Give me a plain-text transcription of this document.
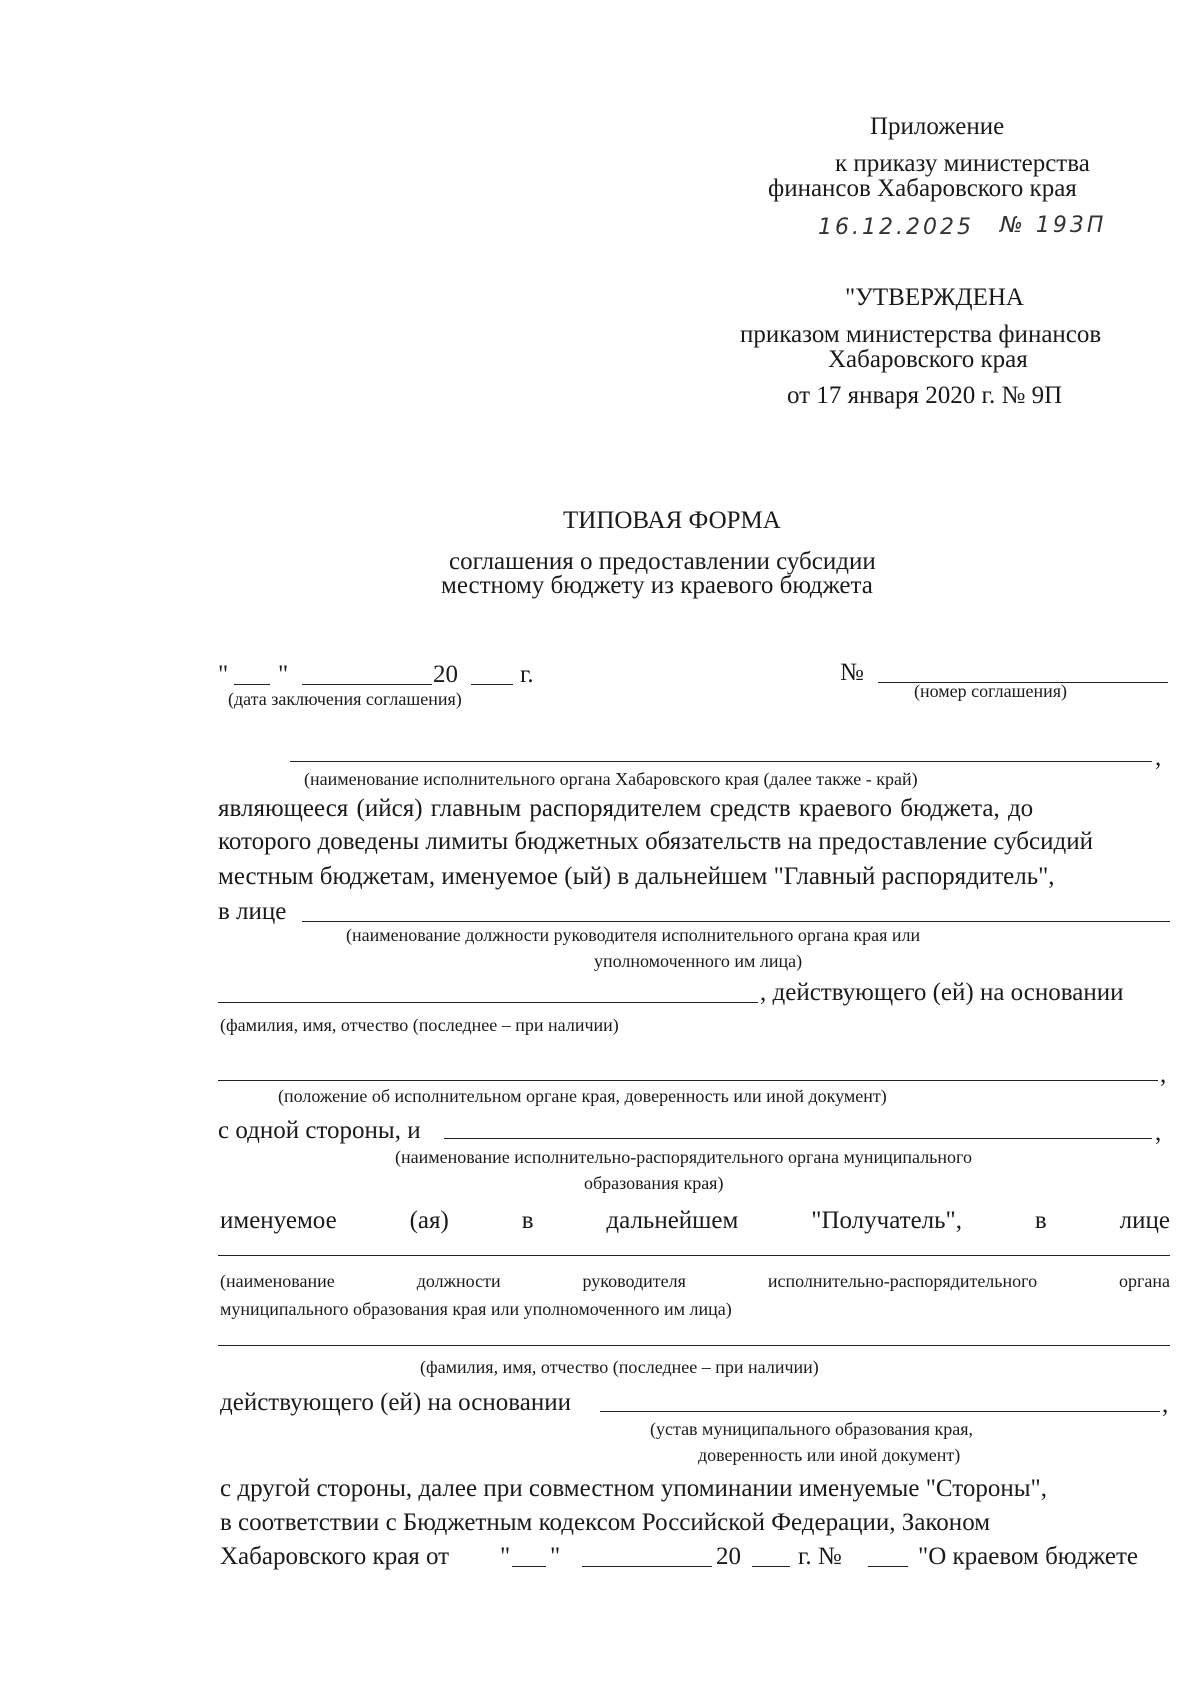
Приложение
к приказу министерства
финансов Хабаровского края
16.12.2025 № 193П
"УТВЕРЖДЕНА
приказом министерства финансов
Хабаровского края
от 17 января 2020 г. № 9П
ТИПОВАЯ ФОРМА
соглашения о предоставлении субсидии
местному бюджету из краевого бюджета
" "	20 г.	№
(дата заключения соглашения)	(номер соглашения)
,
(наименование исполнительного органа Хабаровского края (далее также - край)
являющееся (ийся) главным распорядителем средств краевого бюджета, до
которого доведены лимиты бюджетных обязательств на предоставление субсидий
местным бюджетам, именуемое (ый) в дальнейшем "Главный распорядитель",
в лице
(наименование должности руководителя исполнительного органа края или
уполномоченного им лица)
, действующего (ей) на основании
(фамилия, имя, отчество (последнее – при наличии)
,
(положение об исполнительном органе края, доверенность или иной документ)
с одной стороны, и	,
(наименование исполнительно-распорядительного органа муниципального
образования края)
именуемое	(ая)	в	дальнейшем	"Получатель",	в	лице
(наименование	должности	руководителя	исполнительно-распорядительного	органа
муниципального образования края или уполномоченного им лица)
(фамилия, имя, отчество (последнее – при наличии)
действующего (ей) на основании	,
(устав муниципального образования края,
доверенность или иной документ)
с другой стороны, далее при совместном упоминании именуемые "Стороны",
в соответствии с Бюджетным кодексом Российской Федерации, Законом
Хабаровского края от " "	20 г. №	"О краевом бюджете
